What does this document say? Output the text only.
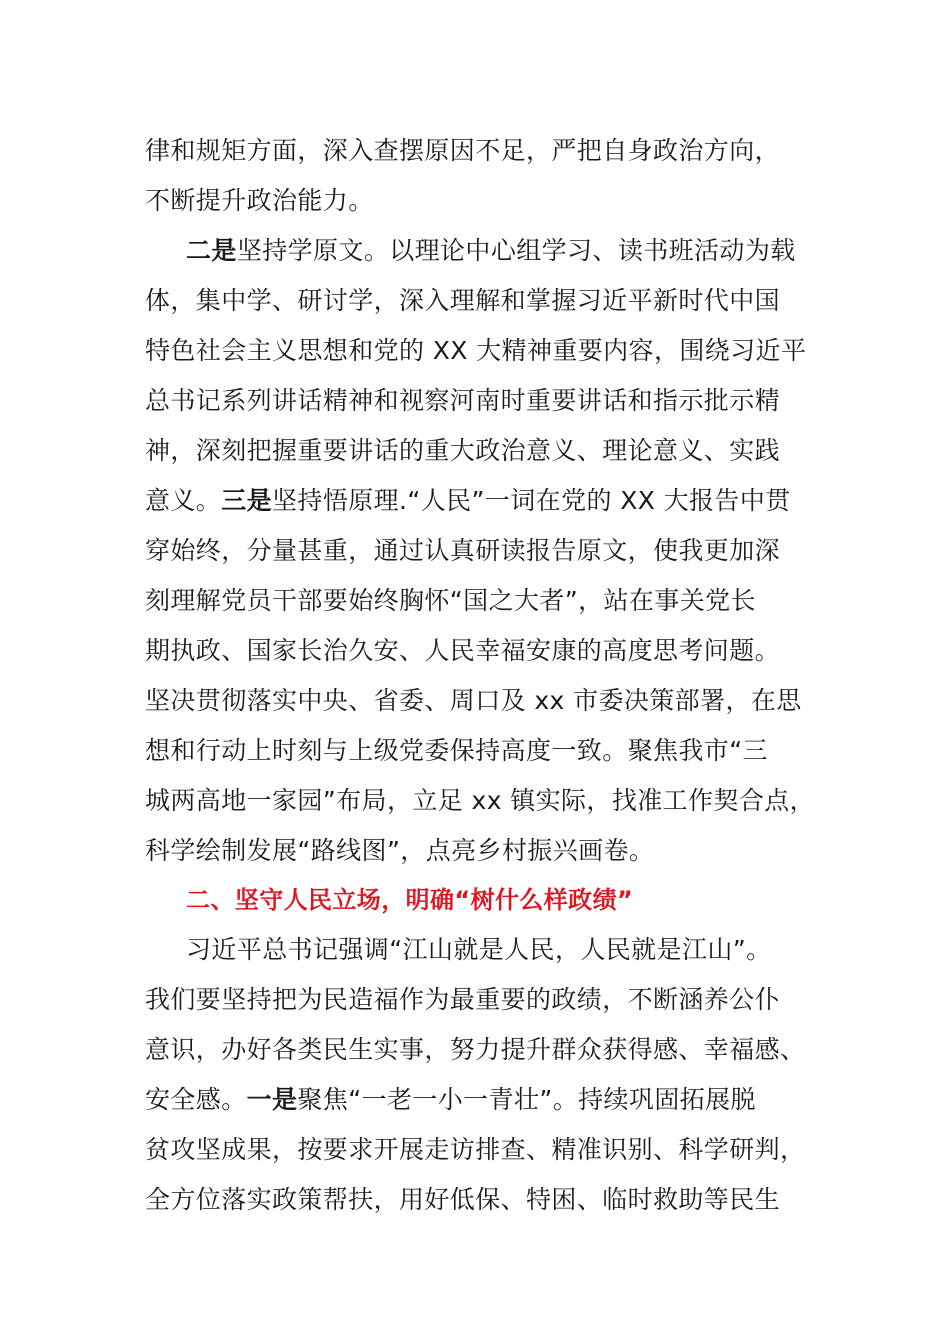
律和规矩方面，深入查摆原因不足，严把自身政治方向，
不断提升政治能力。
二是坚持学原文。以理论中心组学习、读书班活动为载
体，集中学、研讨学，深入理解和掌握习近平新时代中国
特色社会主义思想和党的 XX 大精神重要内容，围绕习近平
总书记系列讲话精神和视察河南时重要讲话和指示批示精
神，深刻把握重要讲话的重大政治意义、理论意义、实践
意义。三是坚持悟原理.“人民”一词在党的 XX 大报告中贯
穿始终，分量甚重，通过认真研读报告原文，使我更加深
刻理解党员干部要始终胸怀“国之大者”，站在事关党长
期执政、国家长治久安、人民幸福安康的高度思考问题。
坚决贯彻落实中央、省委、周口及 xx 市委决策部署，在思
想和行动上时刻与上级党委保持高度一致。聚焦我市“三
城两高地一家园”布局，立足 xx 镇实际，找准工作契合点，
科学绘制发展“路线图”，点亮乡村振兴画卷。
二、坚守人民立场，明确“树什么样政绩”
习近平总书记强调“江山就是人民，人民就是江山”。
我们要坚持把为民造福作为最重要的政绩，不断涵养公仆
意识，办好各类民生实事，努力提升群众获得感、幸福感、
安全感。一是聚焦“一老一小一青壮”。持续巩固拓展脱
贫攻坚成果，按要求开展走访排查、精准识别、科学研判，
全方位落实政策帮扶，用好低保、特困、临时救助等民生
